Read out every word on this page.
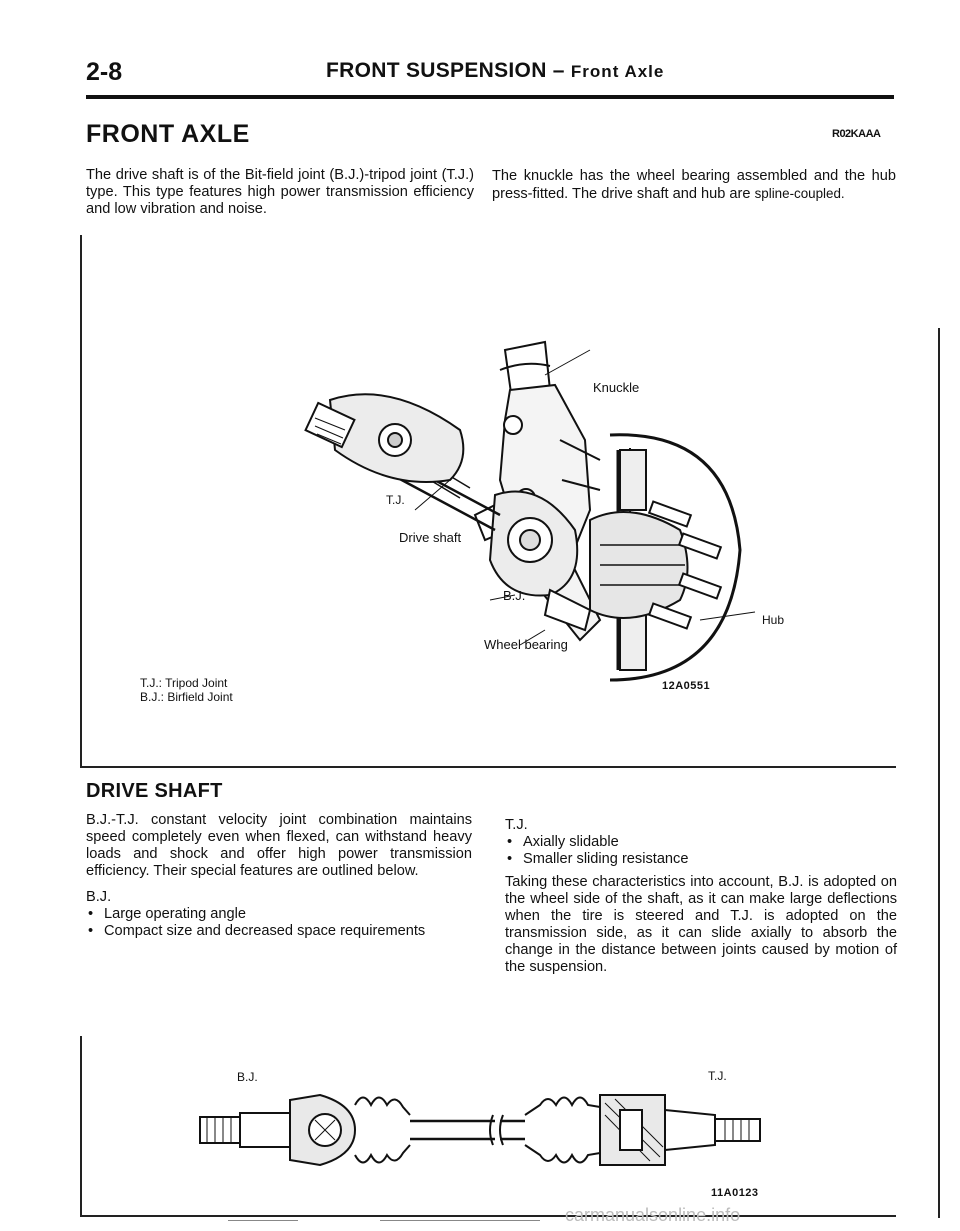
2-8	FRONT SUSPENSION – Front Axle
FRONT AXLE	R02KAAA
The drive shaft is of the Bit-field joint (B.J.)-tripod joint (T.J.) type. This type features high power transmission efficiency and low vibration and noise.
The knuckle has the wheel bearing assembled and the hub press-fitted. The drive shaft and hub are spline-coupled.
Knuckle
T.J.
Drive shaft
B.J.
Hub
Wheel bearing
T.J.: Tripod Joint
B.J.: Birfield Joint
12A0551
DRIVE SHAFT

B.J.-T.J. constant velocity joint combination maintains speed completely even when flexed, can withstand heavy loads and shock and offer high power transmission efficiency. Their special features are outlined below.

B.J.

• Large operating angle

• Compact size and decreased space requirements

T.J.

• Axially slidable

• Smaller sliding resistance

Taking these characteristics into account, B.J. is adopted on the wheel side of the shaft, as it can make large deflections when the tire is steered and T.J. is adopted on the transmission side, as it can slide axially to absorb the change in the distance between joints caused by motion of the suspension.

B.J.	T.J.
11A0123
carmanualsonline.info
